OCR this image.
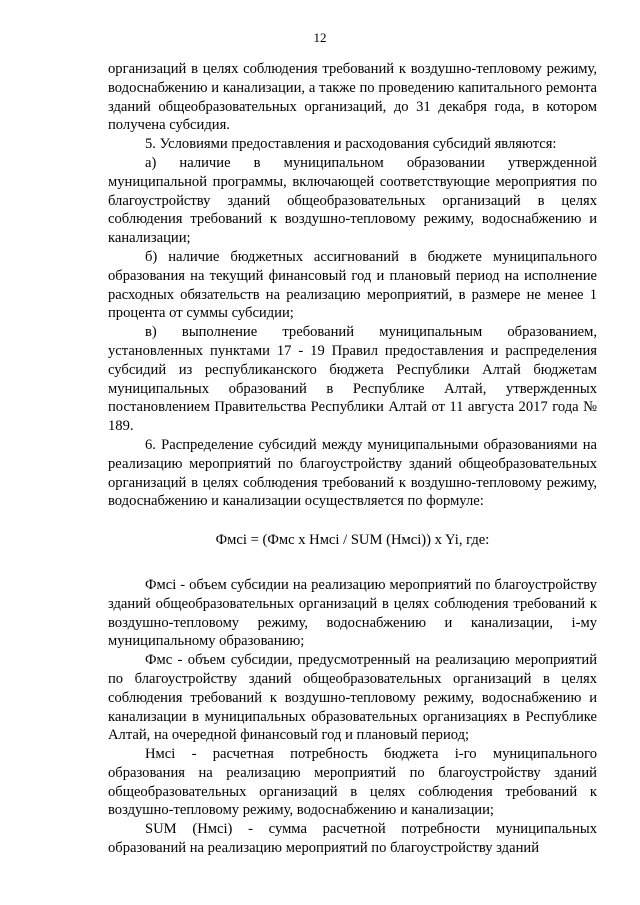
12

организаций в целях соблюдения требований к воздушно-тепловому режиму, водоснабжению и канализации, а также по проведению капитального ремонта зданий общеобразовательных организаций, до 31 декабря года, в котором получена субсидия.

5. Условиями предоставления и расходования субсидий являются:

а) наличие в муниципальном образовании утвержденной муниципальной программы, включающей соответствующие мероприятия по благоустройству зданий общеобразовательных организаций в целях соблюдения требований к воздушно-тепловому режиму, водоснабжению и канализации;

б) наличие бюджетных ассигнований в бюджете муниципального образования на текущий финансовый год и плановый период на исполнение расходных обязательств на реализацию мероприятий, в размере не менее 1 процента от суммы субсидии;

в) выполнение требований муниципальным образованием, установленных пунктами 17 - 19 Правил предоставления и распределения субсидий из республиканского бюджета Республики Алтай бюджетам муниципальных образований в Республике Алтай, утвержденных постановлением Правительства Республики Алтай от 11 августа 2017 года № 189.

6. Распределение субсидий между муниципальными образованиями на реализацию мероприятий по благоустройству зданий общеобразовательных организаций в целях соблюдения требований к воздушно-тепловому режиму, водоснабжению и канализации осуществляется по формуле:

Фмсi = (Фмс x Нмсi / SUM (Нмсi)) x Yi, где:

Фмсi - объем субсидии на реализацию мероприятий по благоустройству зданий общеобразовательных организаций в целях соблюдения требований к воздушно-тепловому режиму, водоснабжению и канализации, i-му муниципальному образованию;

Фмс - объем субсидии, предусмотренный на реализацию мероприятий по благоустройству зданий общеобразовательных организаций в целях соблюдения требований к воздушно-тепловому режиму, водоснабжению и канализации в муниципальных образовательных организациях в Республике Алтай, на очередной финансовый год и плановый период;

Нмсi - расчетная потребность бюджета i-го муниципального образования на реализацию мероприятий по благоустройству зданий общеобразовательных организаций в целях соблюдения требований к воздушно-тепловому режиму, водоснабжению и канализации;

SUM (Нмсi) - сумма расчетной потребности муниципальных образований на реализацию мероприятий по благоустройству зданий
